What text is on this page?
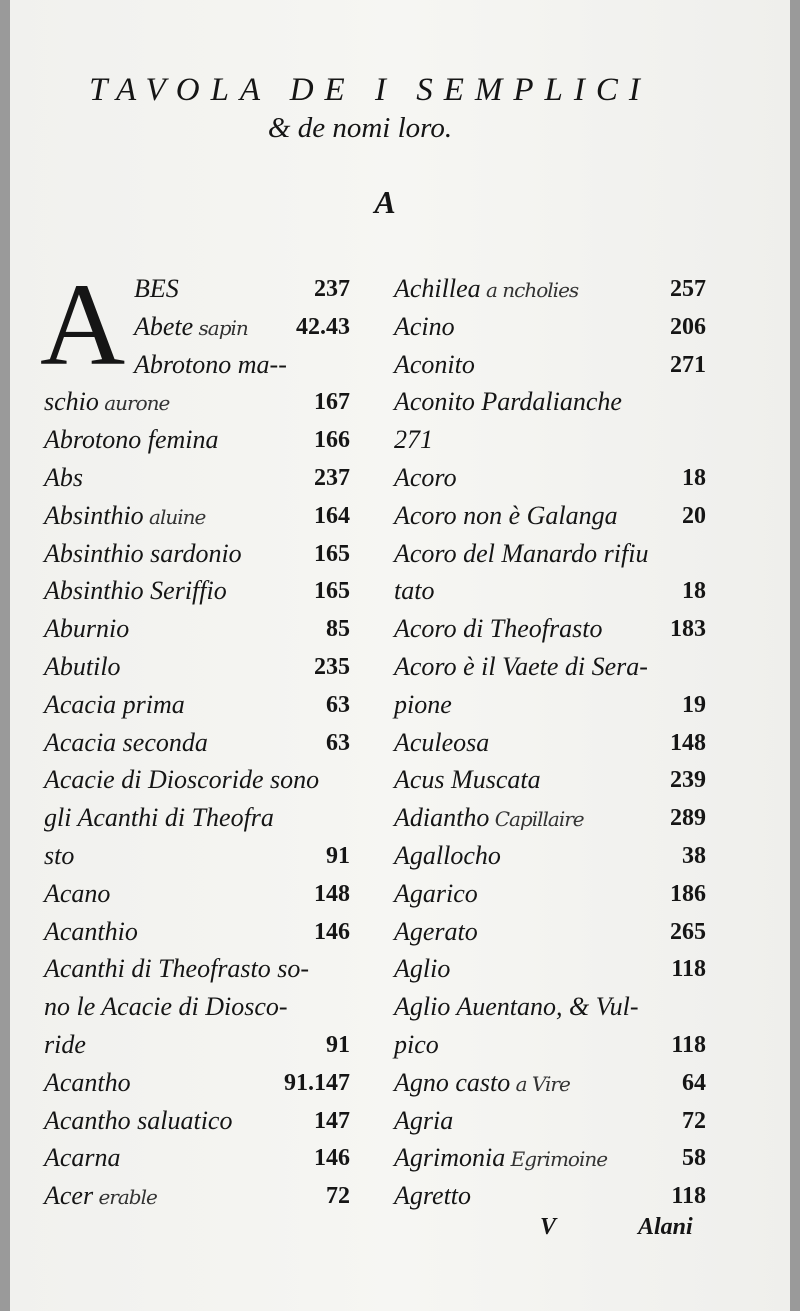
TAVOLA DE I SEMPLICI
& de nomi loro.
A
A BES	237
Abete sapin	42.43
Abrotono ma--
schio aurone	167
Abrotono femina	166
Abs	237
Absinthio aluine	164
Absinthio sardonio	165
Absinthio Seriffio	165
Aburnio	85
Abutilo	235
Acacia prima	63
Acacia seconda	63
Acacie di Dioscoride sono
gli Acanthi di Theofra
sto	91
Acano	148
Acanthio	146
Acanthi di Theofrasto so-
no le Acacie di Diosco-
ride	91
Acantho	91.147
Acantho saluatico	147
Acarna	146
Acer erable	72
Achillea a ncholies	257
Acino	206
Aconito	271
Aconito Pardalianche
271
Acoro	18
Acoro non è Galanga	20
Acoro del Manardo rifiu
tato	18
Acoro di Theofrasto	183
Acoro è il Vaete di Sera-
pione	19
Aculeosa	148
Acus Muscata	239
Adiantho Capillaire	289
Agallocho	38
Agarico	186
Agerato	265
Aglio	118
Aglio Auentano, & Vul-
pico	118
Agno casto a Vire	64
Agria	72
Agrimonia Egrimoine	58
Agretto	118
V	Alani
